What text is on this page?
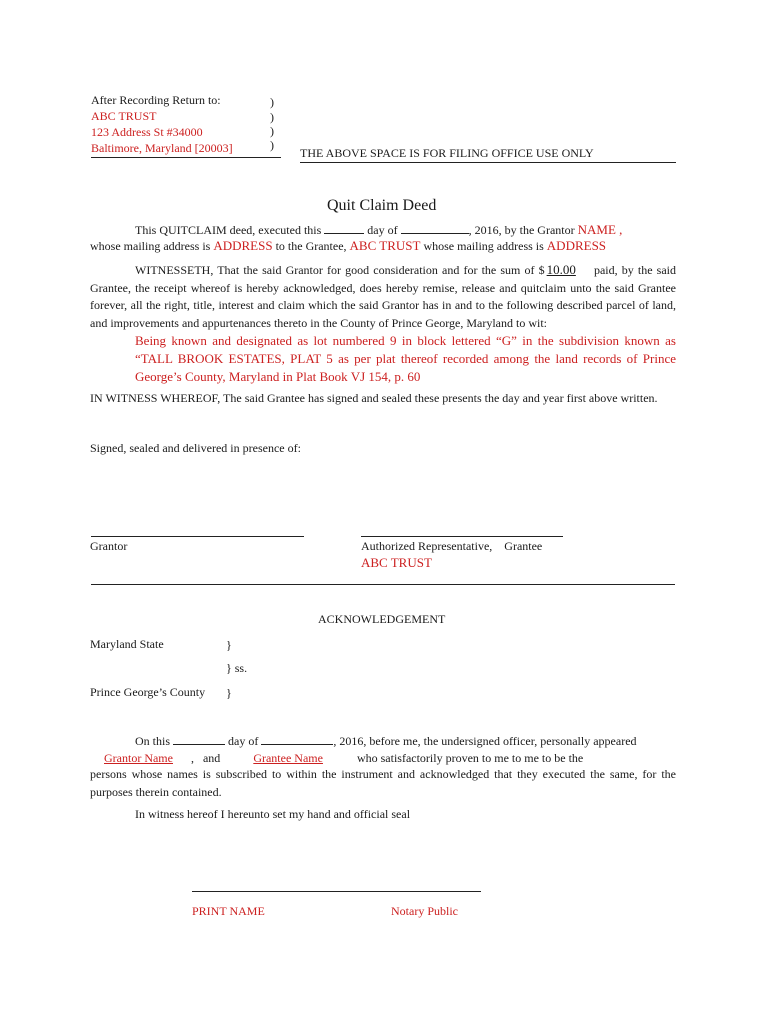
After Recording Return to:
ABC TRUST
123 Address St #34000
Baltimore, Maryland [20003]
)
)
)
)
THE ABOVE SPACE IS FOR FILING OFFICE USE ONLY
Quit Claim Deed
This QUITCLAIM deed, executed this	day of	, 2016, by the Grantor NAME ,
whose mailing address is ADDRESS to the Grantee, ABC TRUST whose mailing address is ADDRESS
WITNESSETH, That the said Grantor for good consideration and for the sum of $ 10.00 paid, by the said Grantee, the receipt whereof is hereby acknowledged, does hereby remise, release and quitclaim unto the said Grantee forever, all the right, title, interest and claim which the said Grantor has in and to the following described parcel of land, and improvements and appurtenances thereto in the County of Prince George, Maryland to wit:
Being known and designated as lot numbered 9 in block lettered “G” in the subdivision known as “TALL BROOK ESTATES, PLAT 5 as per plat thereof recorded among the land records of Prince George’s County, Maryland in Plat Book VJ 154, p. 60
IN WITNESS WHEREOF, The said Grantee has signed and sealed these presents the day and year first above written.
Signed, sealed and delivered in presence of:
Grantor	Authorized Representative,    Grantee
ABC TRUST
ACKNOWLEDGEMENT
Maryland State	}
} ss.
Prince George’s County }
On this	day of	, 2016, before me, the undersigned officer, personally appeared
Grantor Name ,   and	Grantee Name	who satisfactorily proven to me to me to be the
persons whose names is subscribed to within the instrument and acknowledged that they executed the same, for the purposes therein contained.
In witness hereof I hereunto set my hand and official seal
PRINT NAME	Notary Public
